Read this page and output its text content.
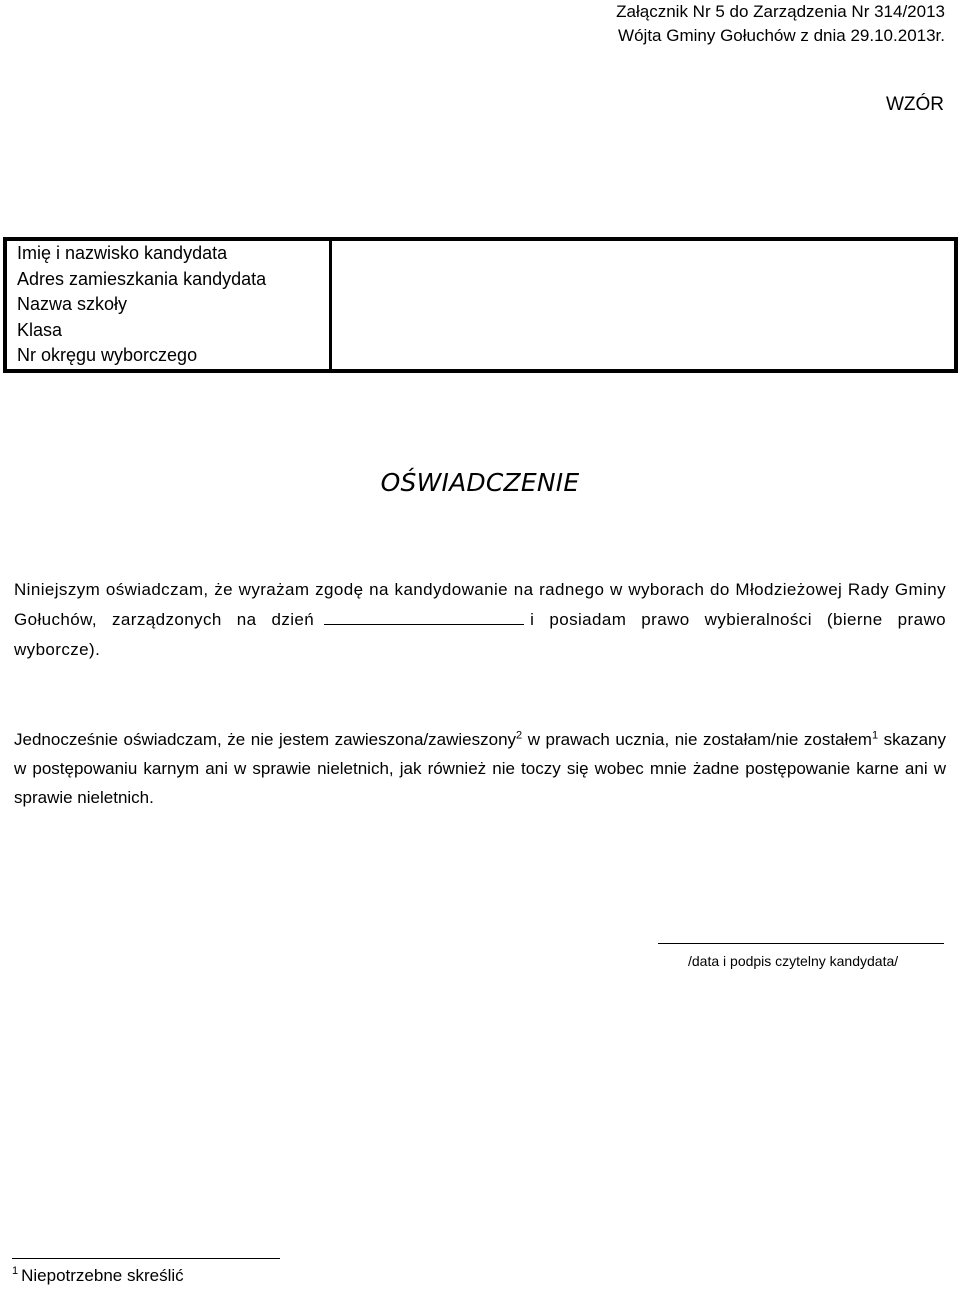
Załącznik Nr 5 do Zarządzenia Nr 314/2013
Wójta Gminy Gołuchów z dnia 29.10.2013r.
WZÓR
Imię i nazwisko kandydata
Adres zamieszkania kandydata
Nazwa szkoły
Klasa
Nr okręgu wyborczego

OŚWIADCZENIE
Niniejszym oświadczam, że wyrażam zgodę na kandydowanie na radnego w wyborach do Młodzieżowej Rady Gminy Gołuchów, zarządzonych na dzień	i posiadam prawo wybieralności (bierne prawo wyborcze).
Jednocześnie oświadczam, że nie jestem zawieszona/zawieszony$^2$ w prawach ucznia, nie zostałam/nie zostałem$^1$ skazany w postępowaniu karnym ani w sprawie nieletnich, jak również nie toczy się wobec mnie żadne postępowanie karne ani w sprawie nieletnich.
/data i podpis czytelny kandydata/
$^1$ Niepotrzebne skreślić
